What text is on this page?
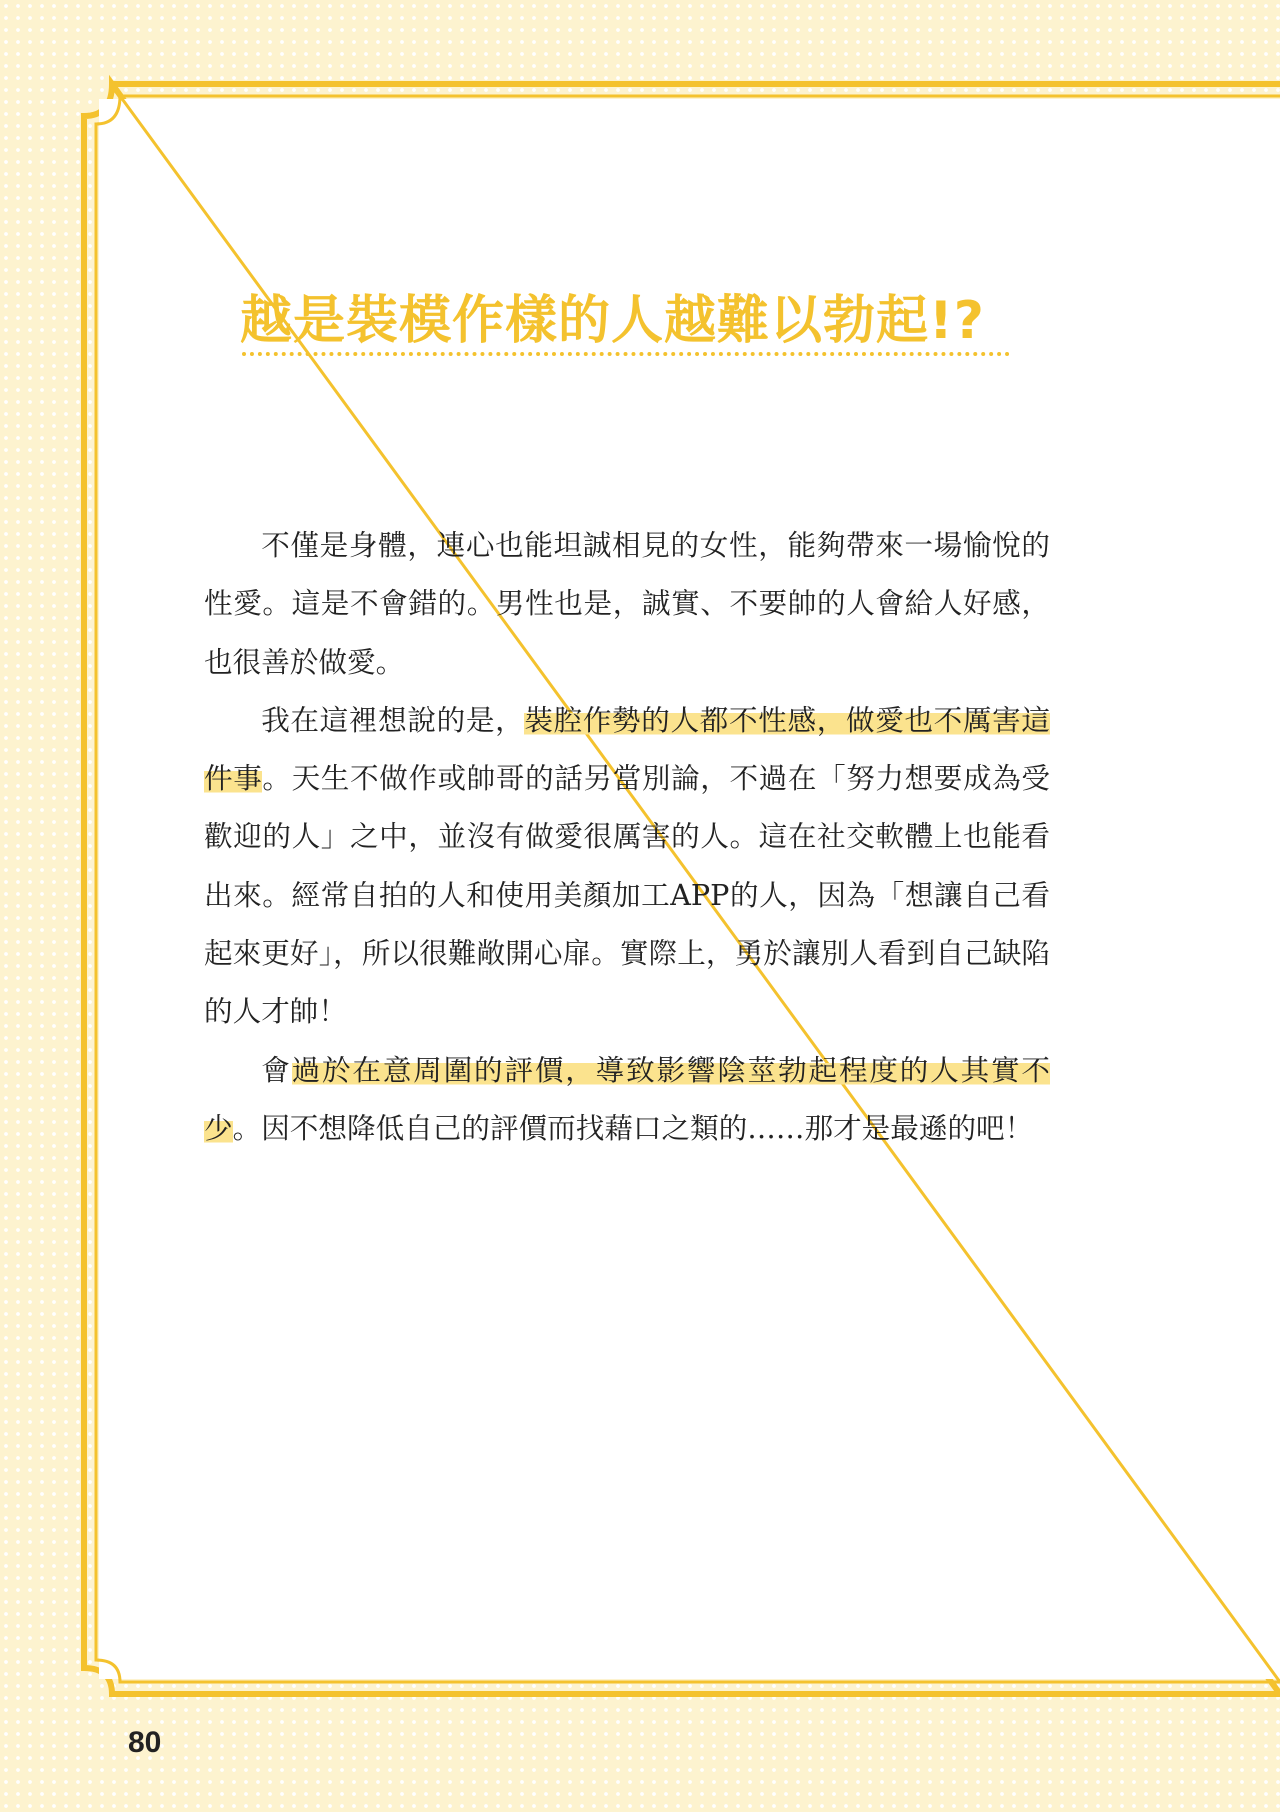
越是裝模作樣的人越難以勃起!?

不僅是身體，連心也能坦誠相見的女性，能夠帶來一場愉悅的性愛。這是不會錯的。男性也是，誠實、不要帥的人會給人好感，也很善於做愛。

我在這裡想說的是，裝腔作勢的人都不性感，做愛也不厲害這件事。天生不做作或帥哥的話另當別論，不過在「努力想要成為受歡迎的人」之中，並沒有做愛很厲害的人。這在社交軟體上也能看出來。經常自拍的人和使用美顏加工APP的人，因為「想讓自己看起來更好」，所以很難敞開心扉。實際上，勇於讓別人看到自己缺陷的人才帥！

會過於在意周圍的評價，導致影響陰莖勃起程度的人其實不少。因不想降低自己的評價而找藉口之類的……那才是最遜的吧！

80
